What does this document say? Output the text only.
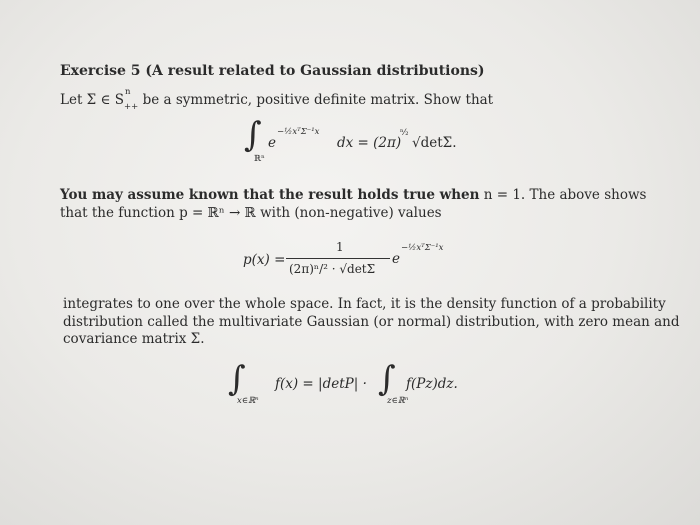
Exercise 5 (A result related to Gaussian distributions)
Let Σ ∈ S n
$_{++}$ be a symmetric, positive definite matrix. Show that
∫
ℝⁿ
e
−½xᵀΣ⁻¹x
dx = (2π)
ⁿ⁄₂
√detΣ.
You may assume known that the result holds true when n = 1. The above shows
that the function p = ℝⁿ → ℝ with (non-negative) values
p(x) =
1
(2π)ⁿ/² · √detΣ
e
−½xᵀΣ⁻¹x
integrates to one over the whole space. In fact, it is the density function of a probability
distribution called the multivariate Gaussian (or normal) distribution, with zero mean and
covariance matrix Σ.
∫
x∈ℝⁿ
f(x) = |detP| · ∫
z∈ℝⁿ
f(Pz)dz.
